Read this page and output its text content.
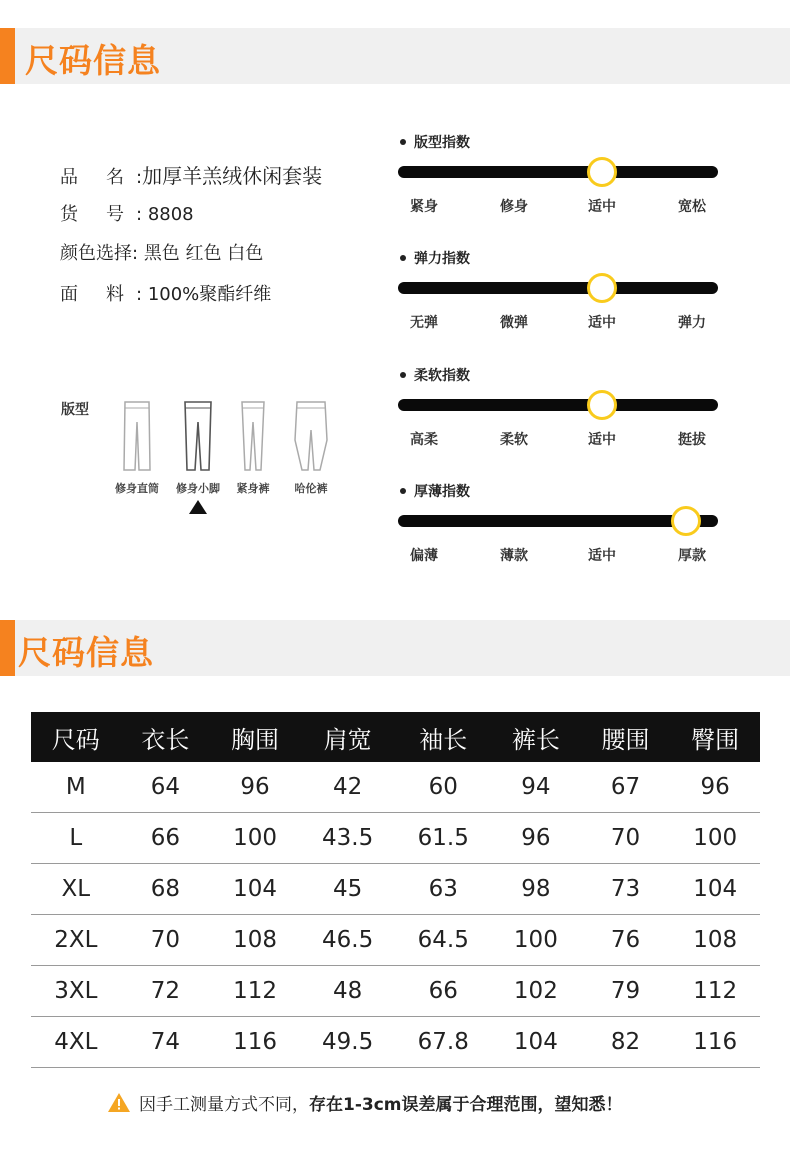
尺码信息
品 名 :加厚羊羔绒休闲套装
货 号 : 8808
颜色选择: 黑色 红色 白色
面 料 : 100%聚酯纤维
版型
修身直筒	修身小脚	紧身裤	哈伦裤
版型指数
紧身	修身	适中	宽松
弹力指数
无弹	微弹	适中	弹力
柔软指数
高柔	柔软	适中	挺拔
厚薄指数
偏薄	薄款	适中	厚款
尺码信息
尺码	衣长	胸围	肩宽	袖长	裤长	腰围	臀围
M	64	96	42	60	94	67	96
L	66	100	43.5	61.5	96	70	100
XL	68	104	45	63	98	73	104
2XL	70	108	46.5	64.5	100	76	108
3XL	72	112	48	66	102	79	112
4XL	74	116	49.5	67.8	104	82	116
因手工测量方式不同，存在1-3cm误差属于合理范围，望知悉！
